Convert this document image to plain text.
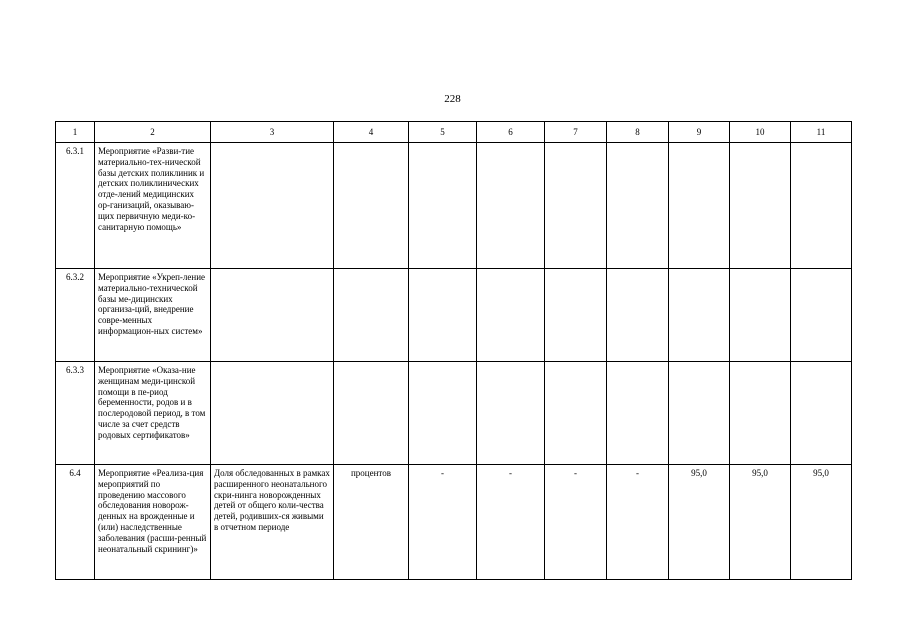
228
1	2	3	4	5	6	7	8	9	10	11
6.3.1	Мероприятие «Разви-тие материально-тех-нической базы детских поликлиник и детских поликлинических отде-лений медицинских ор-ганизаций, оказываю-щих первичную меди-ко-санитарную помощь»									
6.3.2	Мероприятие «Укреп-ление материально-технической базы ме-дицинских организа-ций, внедрение совре-менных информацион-ных систем»									
6.3.3	Мероприятие «Оказа-ние женщинам меди-цинской помощи в пе-риод беременности, родов и в послеродовой период, в том числе за счет средств родовых сертификатов»									
6.4	Мероприятие «Реализа-ция мероприятий по проведению массового обследования новорож-денных на врожденные и (или) наследственные заболевания (расши-ренный неонатальный скрининг)»	Доля обследованных в рамках расширенного неонатального скри-нинга новорожденных детей от общего коли-чества детей, родивших-ся живыми в отчетном периоде	процентов	-	-	-	-	95,0	95,0	95,0
